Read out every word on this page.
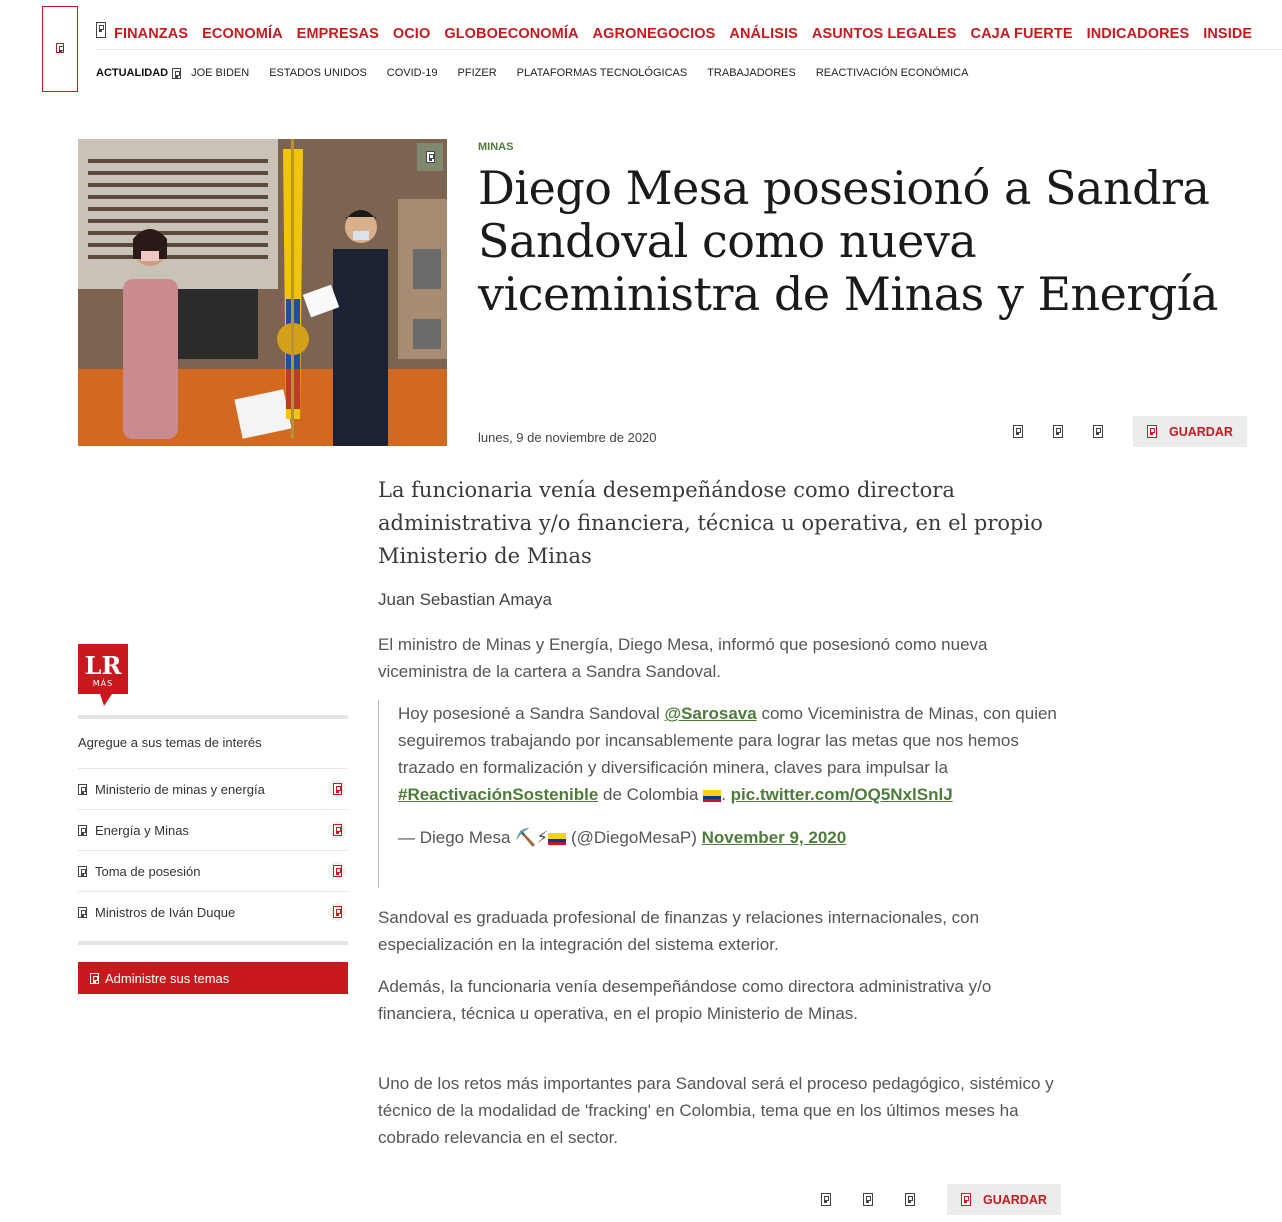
FINANZAS ECONOMÍA EMPRESAS OCIO GLOBOECONOMÍA AGRONEGOCIOS ANÁLISIS ASUNTOS LEGALES CAJA FUERTE INDICADORES INSIDE
ACTUALIDAD JOE BIDEN ESTADOS UNIDOS COVID-19 PFIZER PLATAFORMAS TECNOLÓGICAS TRABAJADORES REACTIVACIÓN ECONÓMICA
MINAS
Diego Mesa posesionó a Sandra Sandoval como nueva viceministra de Minas y Energía
lunes, 9 de noviembre de 2020	GUARDAR
La funcionaria venía desempeñándose como directora administrativa y/o financiera, técnica u operativa, en el propio Ministerio de Minas
Juan Sebastian Amaya

El ministro de Minas y Energía, Diego Mesa, informó que posesionó como nueva viceministra de la cartera a Sandra Sandoval.

Hoy posesioné a Sandra Sandoval @Sarosava como Viceministra de Minas, con quien seguiremos trabajando por incansablemente para lograr las metas que nos hemos trazado en formalización y diversificación minera, claves para impulsar la #ReactivaciónSostenible de Colombia . pic.twitter.com/OQ5NxlSnlJ
— Diego Mesa ⛏️⚡ (@DiegoMesaP) November 9, 2020

Sandoval es graduada profesional de finanzas y relaciones internacionales, con especialización en la integración del sistema exterior.

Además, la funcionaria venía desempeñándose como directora administrativa y/o financiera, técnica u operativa, en el propio Ministerio de Minas.

Uno de los retos más importantes para Sandoval será el proceso pedagógico, sistémico y técnico de la modalidad de 'fracking' en Colombia, tema que en los últimos meses ha cobrado relevancia en el sector.

GUARDAR
LR
MÁS
Agregue a sus temas de interés
Ministerio de minas y energía
Energía y Minas
Toma de posesión
Ministros de Iván Duque
Administre sus temas
